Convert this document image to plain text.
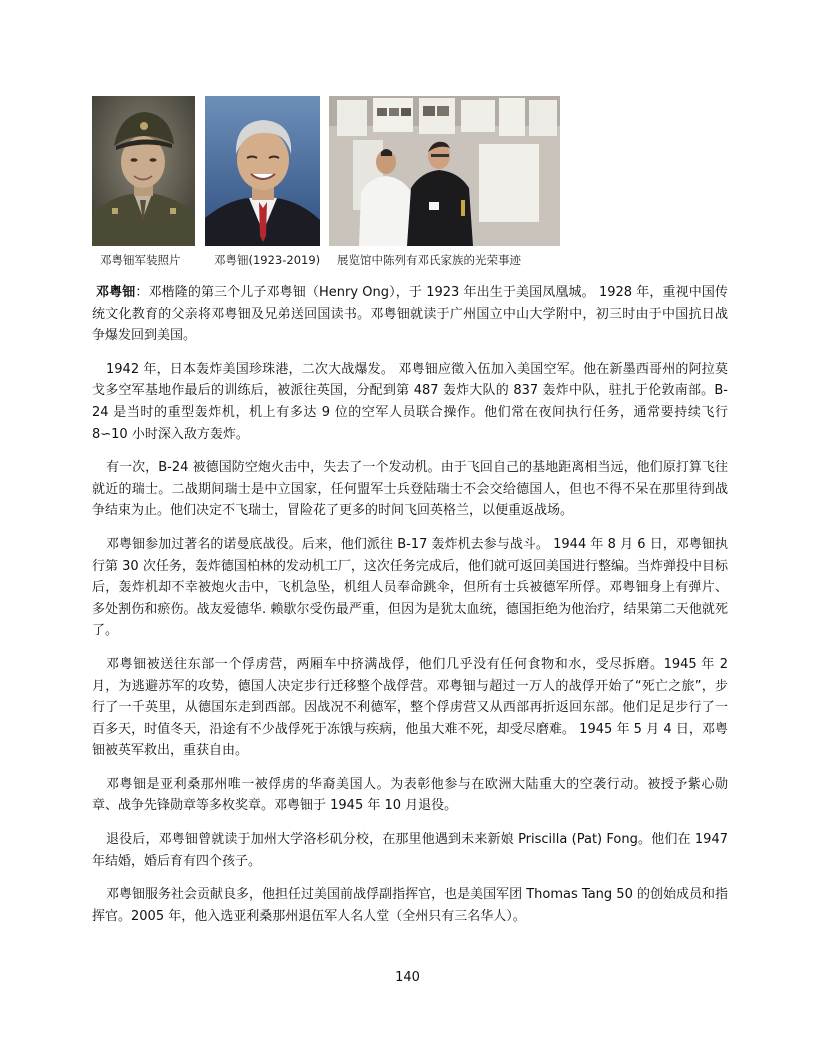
邓粤钿军装照片	邓粤钿(1923-2019) 展览馆中陈列有邓氏家族的光荣事迹

邓粤钿：邓楷隆的第三个儿子邓粤钿（Henry Ong），于 1923 年出生于美国凤凰城。 1928 年，重视中国传统文化教育的父亲将邓粤钿及兄弟送回国读书。邓粤钿就读于广州国立中山大学附中，初三时由于中国抗日战争爆发回到美国。

1942 年，日本轰炸美国珍珠港，二次大战爆发。 邓粤钿应徵入伍加入美国空军。他在新墨西哥州的阿拉莫戈多空军基地作最后的训练后，被派往英国，分配到第 487 轰炸大队的 837 轰炸中队，驻扎于伦敦南部。B-24 是当时的重型轰炸机，机上有多达 9 位的空军人员联合操作。他们常在夜间执行任务，通常要持续飞行 8∽10 小时深入敌方轰炸。

有一次，B-24 被德国防空炮火击中，失去了一个发动机。由于飞回自己的基地距离相当远，他们原打算飞往就近的瑞士。二战期间瑞士是中立国家，任何盟军士兵登陆瑞士不会交给德国人，但也不得不呆在那里待到战争结束为止。他们决定不飞瑞士，冒险花了更多的时间飞回英格兰，以便重返战场。

邓粤钿参加过著名的诺曼底战役。后来，他们派往 B-17 轰炸机去参与战斗。 1944 年 8 月 6 日，邓粤钿执行第 30 次任务，轰炸德国柏林的发动机工厂，这次任务完成后，他们就可返回美国进行整编。当炸弹投中目标后，轰炸机却不幸被炮火击中，飞机急坠，机组人员奉命跳伞，但所有士兵被德军所俘。邓粤钿身上有弹片、多处割伤和瘀伤。战友爱德华. 赖歇尔受伤最严重，但因为是犹太血统，德国拒绝为他治疗，结果第二天他就死了。

邓粤钿被送往东部一个俘虏营，两厢车中挤满战俘，他们几乎没有任何食物和水，受尽拆磨。1945 年 2 月，为逃避苏军的攻势，德国人决定步行迁移整个战俘营。邓粤钿与超过一万人的战俘开始了“死亡之旅”，步行了一千英里，从德国东走到西部。因战况不利德军，整个俘虏营又从西部再折返回东部。他们足足步行了一百多天，时值冬天，沿途有不少战俘死于冻饿与疾病，他虽大难不死，却受尽磨难。 1945 年 5 月 4 日，邓粤钿被英军救出，重获自由。

邓粤钿是亚利桑那州唯一被俘虏的华裔美国人。为表彰他参与在欧洲大陆重大的空袭行动。被授予紫心勋章、战争先锋勋章等多枚奖章。邓粤钿于 1945 年 10 月退役。

退役后，邓粤钿曾就读于加州大学洛杉矶分校，在那里他遇到未来新娘 Priscilla (Pat) Fong。他们在 1947 年结婚，婚后育有四个孩子。

邓粤钿服务社会贡献良多，他担任过美国前战俘副指挥官，也是美国军团 Thomas Tang 50 的创始成员和指挥官。2005 年，他入选亚利桑那州退伍军人名人堂（全州只有三名华人）。

140
